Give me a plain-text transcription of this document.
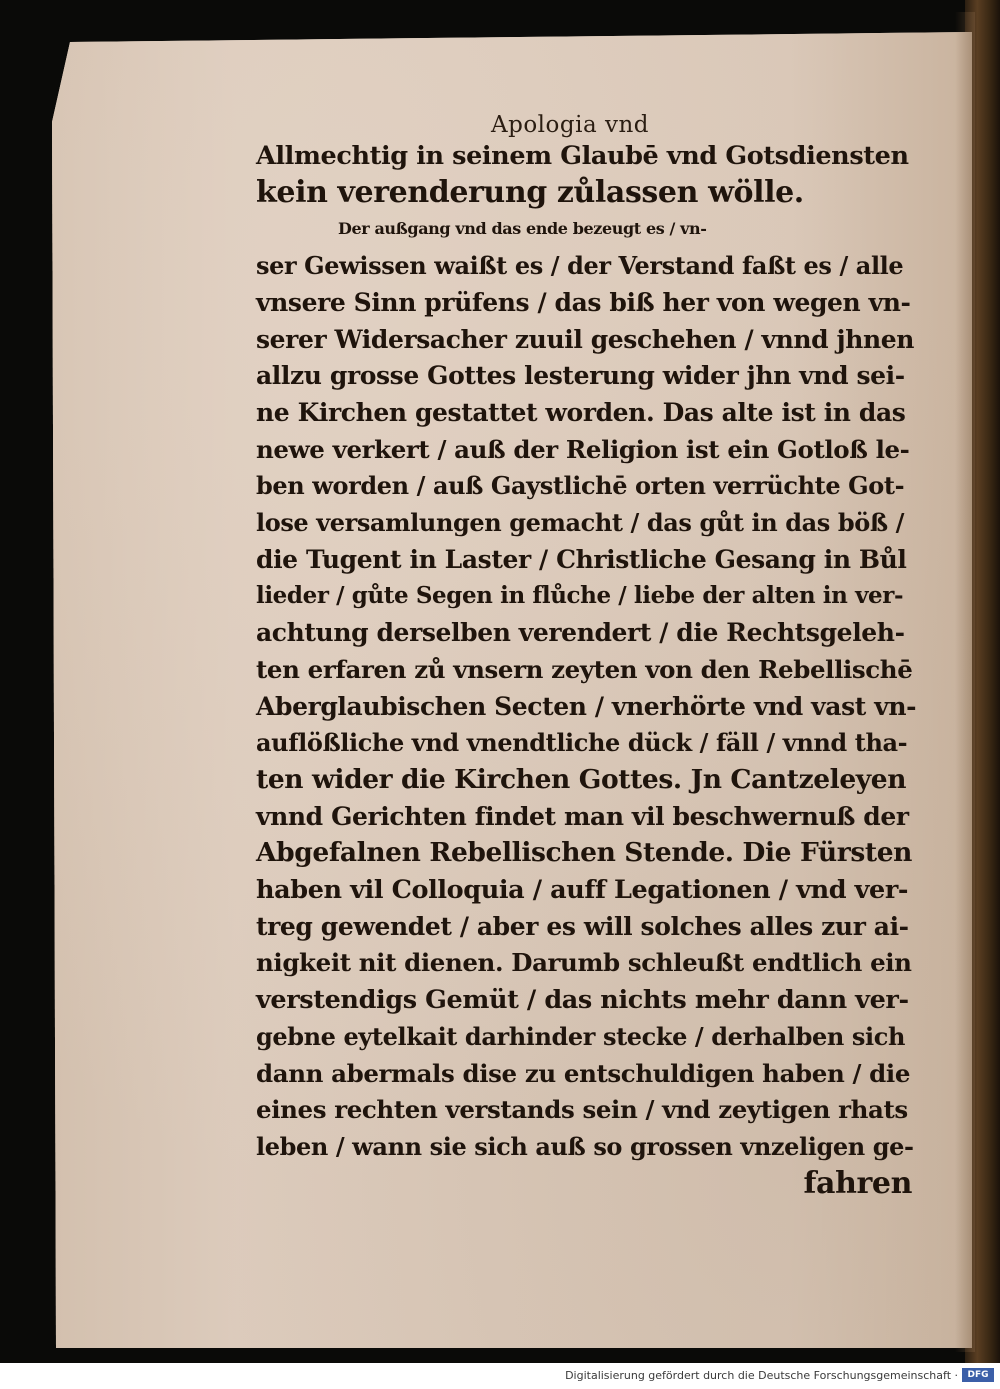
Apologia vnd
Allmechtig in seinem Glaubē vnd Gotsdiensten
kein verenderung zůlassen wölle.
Der außgang vnd das ende bezeugt es / vn-
ser Gewissen waißt es / der Verstand faßt es / alle
vnsere Sinn prüfens / das biß her von wegen vn-
serer Widersacher zuuil geschehen / vnnd jhnen
allzu grosse Gottes lesterung wider jhn vnd sei-
ne Kirchen gestattet worden. Das alte ist in das
newe verkert / auß der Religion ist ein Gotloß le-
ben worden / auß Gaystlichē orten verrüchte Got-
lose versamlungen gemacht / das gůt in das böß /
die Tugent in Laster / Christliche Gesang in Bůl
lieder / gůte Segen in flůche / liebe der alten in ver-
achtung derselben verendert / die Rechtsgeleh-
ten erfaren zů vnsern zeyten von den Rebellischē
Aberglaubischen Secten / vnerhörte vnd vast vn-
auflößliche vnd vnendtliche dück / fäll / vnnd tha-
ten wider die Kirchen Gottes. Jn Cantzeleyen
vnnd Gerichten findet man vil beschwernuß der
Abgefalnen Rebellischen Stende. Die Fürsten
haben vil Colloquia / auff Legationen / vnd ver-
treg gewendet / aber es will solches alles zur ai-
nigkeit nit dienen. Darumb schleußt endtlich ein
verstendigs Gemüt / das nichts mehr dann ver-
gebne eytelkait darhinder stecke / derhalben sich
dann abermals dise zu entschuldigen haben / die
eines rechten verstands sein / vnd zeytigen rhats
leben / wann sie sich auß so grossen vnzeligen ge-
fahren
Digitalisierung gefördert durch die Deutsche Forschungsgemeinschaft ·	DFG
